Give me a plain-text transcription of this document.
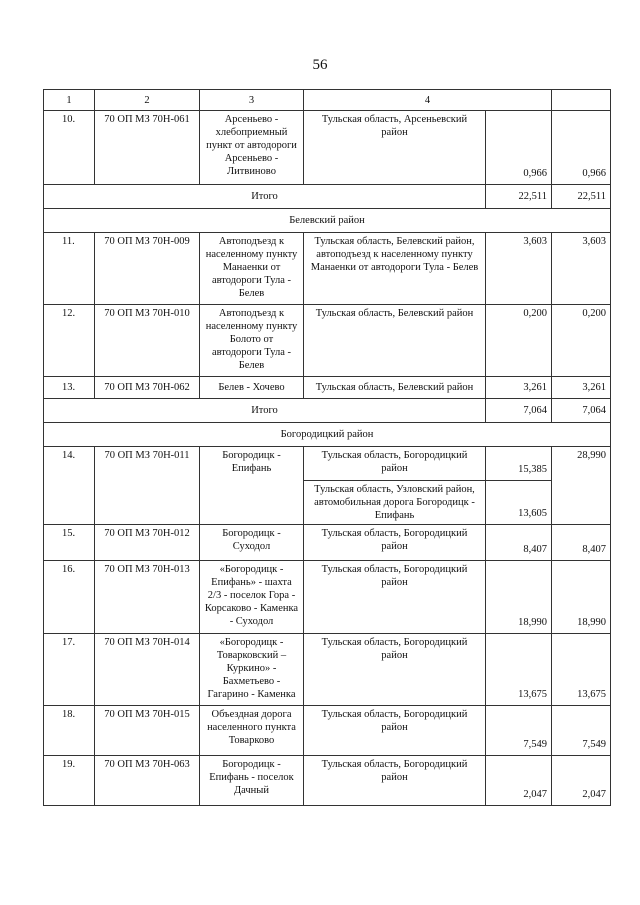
56
1	2	3	4	
10.	70 ОП МЗ 70Н-061	Арсеньево - хлебоприемный пункт от автодороги Арсеньево - Литвиново	Тульская область, Арсеньевский район	0,966	0,966
Итого				22,511	22,511
Белевский район					
11.	70 ОП МЗ 70Н-009	Автоподъезд к населенному пункту Манаенки от автодороги Тула - Белев	Тульская область, Белевский район, автоподъезд к населенному пункту Манаенки от автодороги Тула - Белев	3,603	3,603
12.	70 ОП МЗ 70Н-010	Автоподъезд к населенному пункту Болото от автодороги Тула - Белев	Тульская область, Белевский район	0,200	0,200
13.	70 ОП МЗ 70Н-062	Белев - Хочево	Тульская область, Белевский район	3,261	3,261
Итого				7,064	7,064
Богородицкий район					
14.	70 ОП МЗ 70Н-011	Богородицк - Епифань	Тульская область, Богородицкий район	15,385	28,990
			Тульская область, Узловский район, автомобильная дорога Богородицк - Епифань	13,605	
15.	70 ОП МЗ 70Н-012	Богородицк - Суходол	Тульская область, Богородицкий район	8,407	8,407
16.	70 ОП МЗ 70Н-013	«Богородицк - Епифань» - шахта 2/3 - поселок Гора - Корсаково - Каменка - Суходол	Тульская область, Богородицкий район	18,990	18,990
17.	70 ОП МЗ 70Н-014	«Богородицк - Товарковский – Куркино» - Бахметьево - Гагарино - Каменка	Тульская область, Богородицкий район	13,675	13,675
18.	70 ОП МЗ 70Н-015	Объездная дорога населенного пункта Товарково	Тульская область, Богородицкий район	7,549	7,549
19.	70 ОП МЗ 70Н-063	Богородицк - Епифань - поселок Дачный	Тульская область, Богородицкий район	2,047	2,047
